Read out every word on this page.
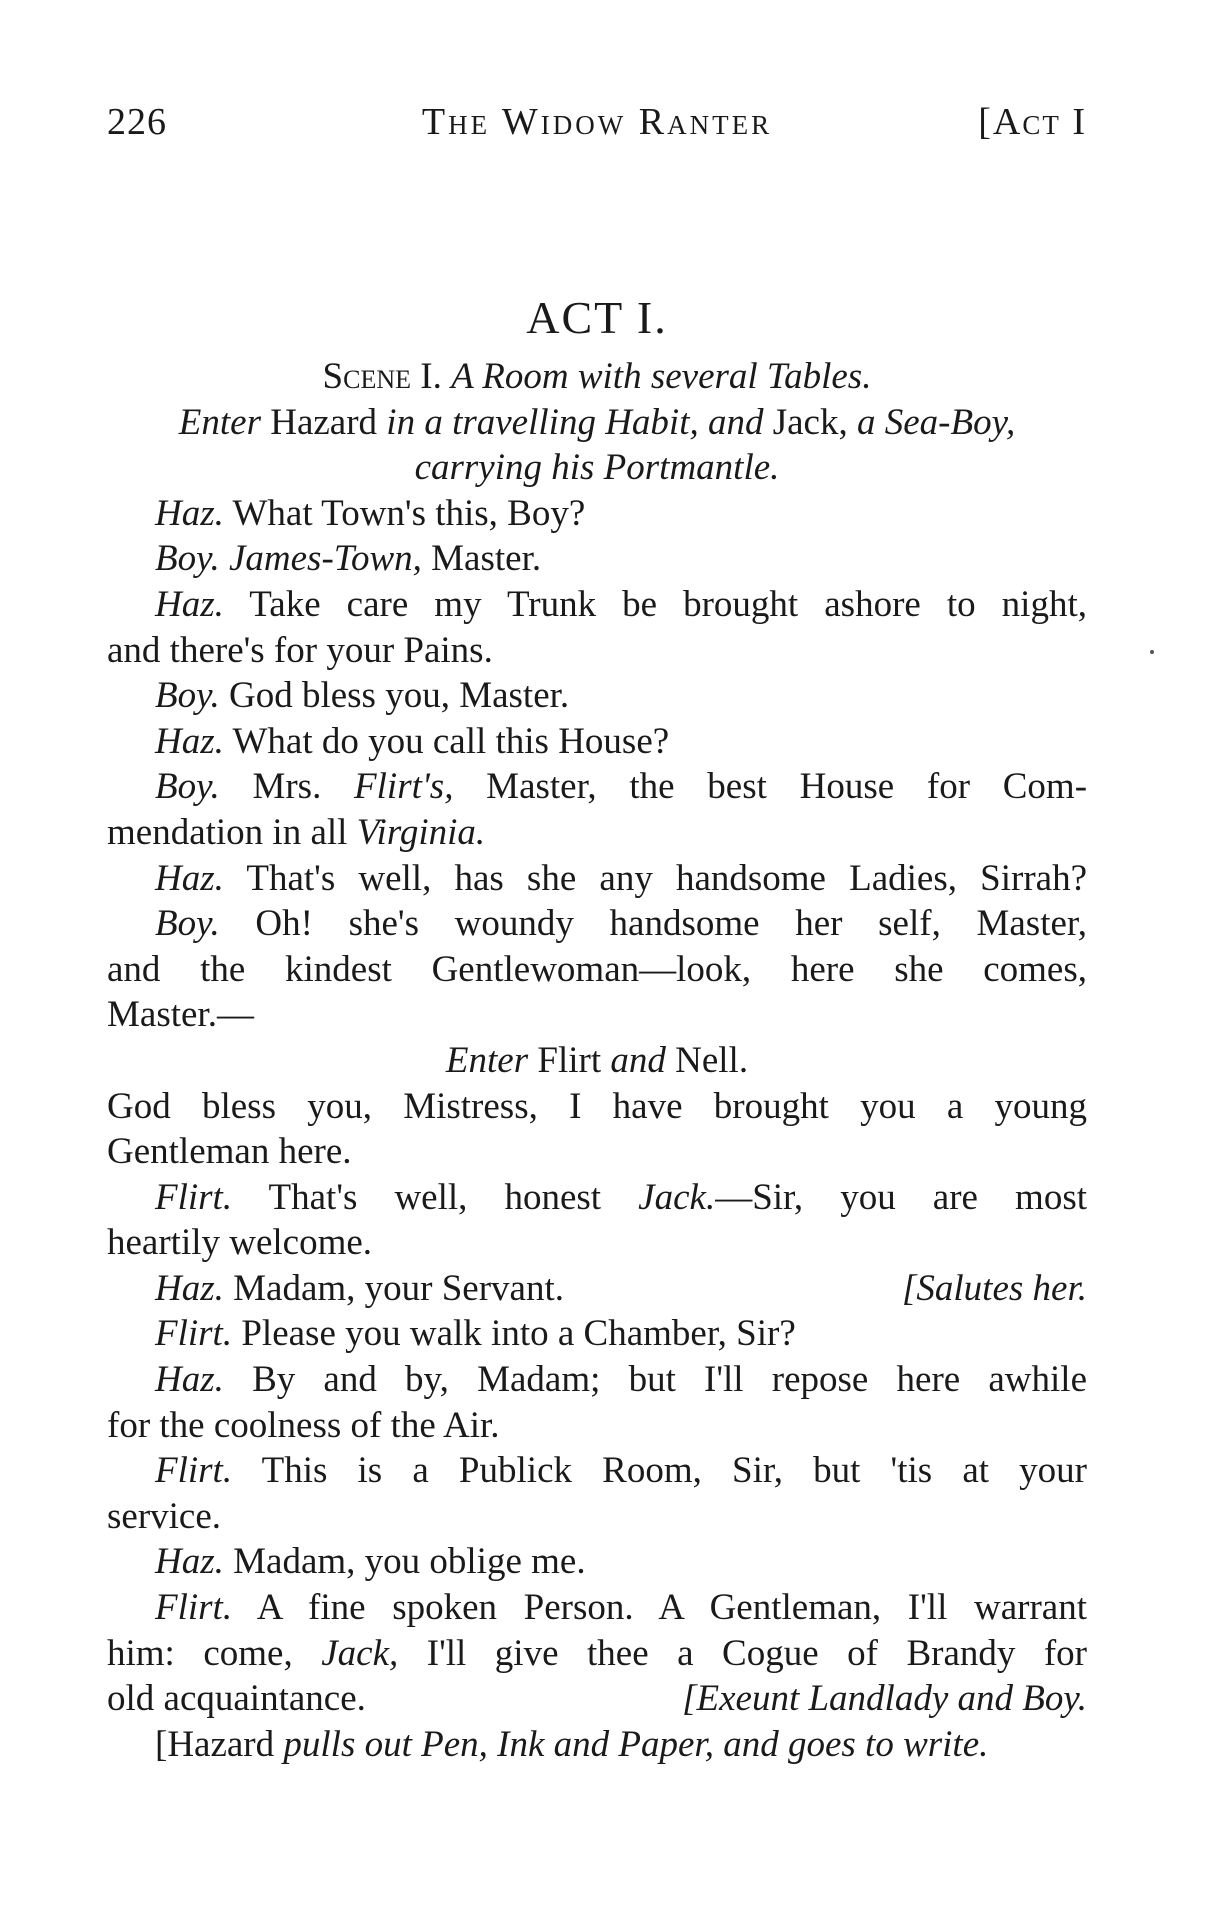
226	The Widow Ranter	[Act I

ACT I.

Scene I. A Room with several Tables.

Enter Hazard in a travelling Habit, and Jack, a Sea-Boy,
carrying his Portmantle.

Haz. What Town's this, Boy?

Boy. James-Town, Master.

Haz. Take care my Trunk be brought ashore to night,

and there's for your Pains.

Boy. God bless you, Master.

Haz. What do you call this House?

Boy. Mrs. Flirt's, Master, the best House for Com-

mendation in all Virginia.

Haz. That's well, has she any handsome Ladies, Sirrah?

Boy. Oh! she's woundy handsome her self, Master,

and the kindest Gentlewoman—look, here she comes,

Master.—

Enter Flirt and Nell.

God bless you, Mistress, I have brought you a young

Gentleman here.

Flirt. That's well, honest Jack.—Sir, you are most

heartily welcome.

Haz. Madam, your Servant.	[Salutes her.

Flirt. Please you walk into a Chamber, Sir?

Haz. By and by, Madam; but I'll repose here awhile

for the coolness of the Air.

Flirt. This is a Publick Room, Sir, but 'tis at your

service.

Haz. Madam, you oblige me.

Flirt. A fine spoken Person. A Gentleman, I'll warrant

him: come, Jack, I'll give thee a Cogue of Brandy for

old acquaintance.	[Exeunt Landlady and Boy.

[Hazard pulls out Pen, Ink and Paper, and goes to write.
